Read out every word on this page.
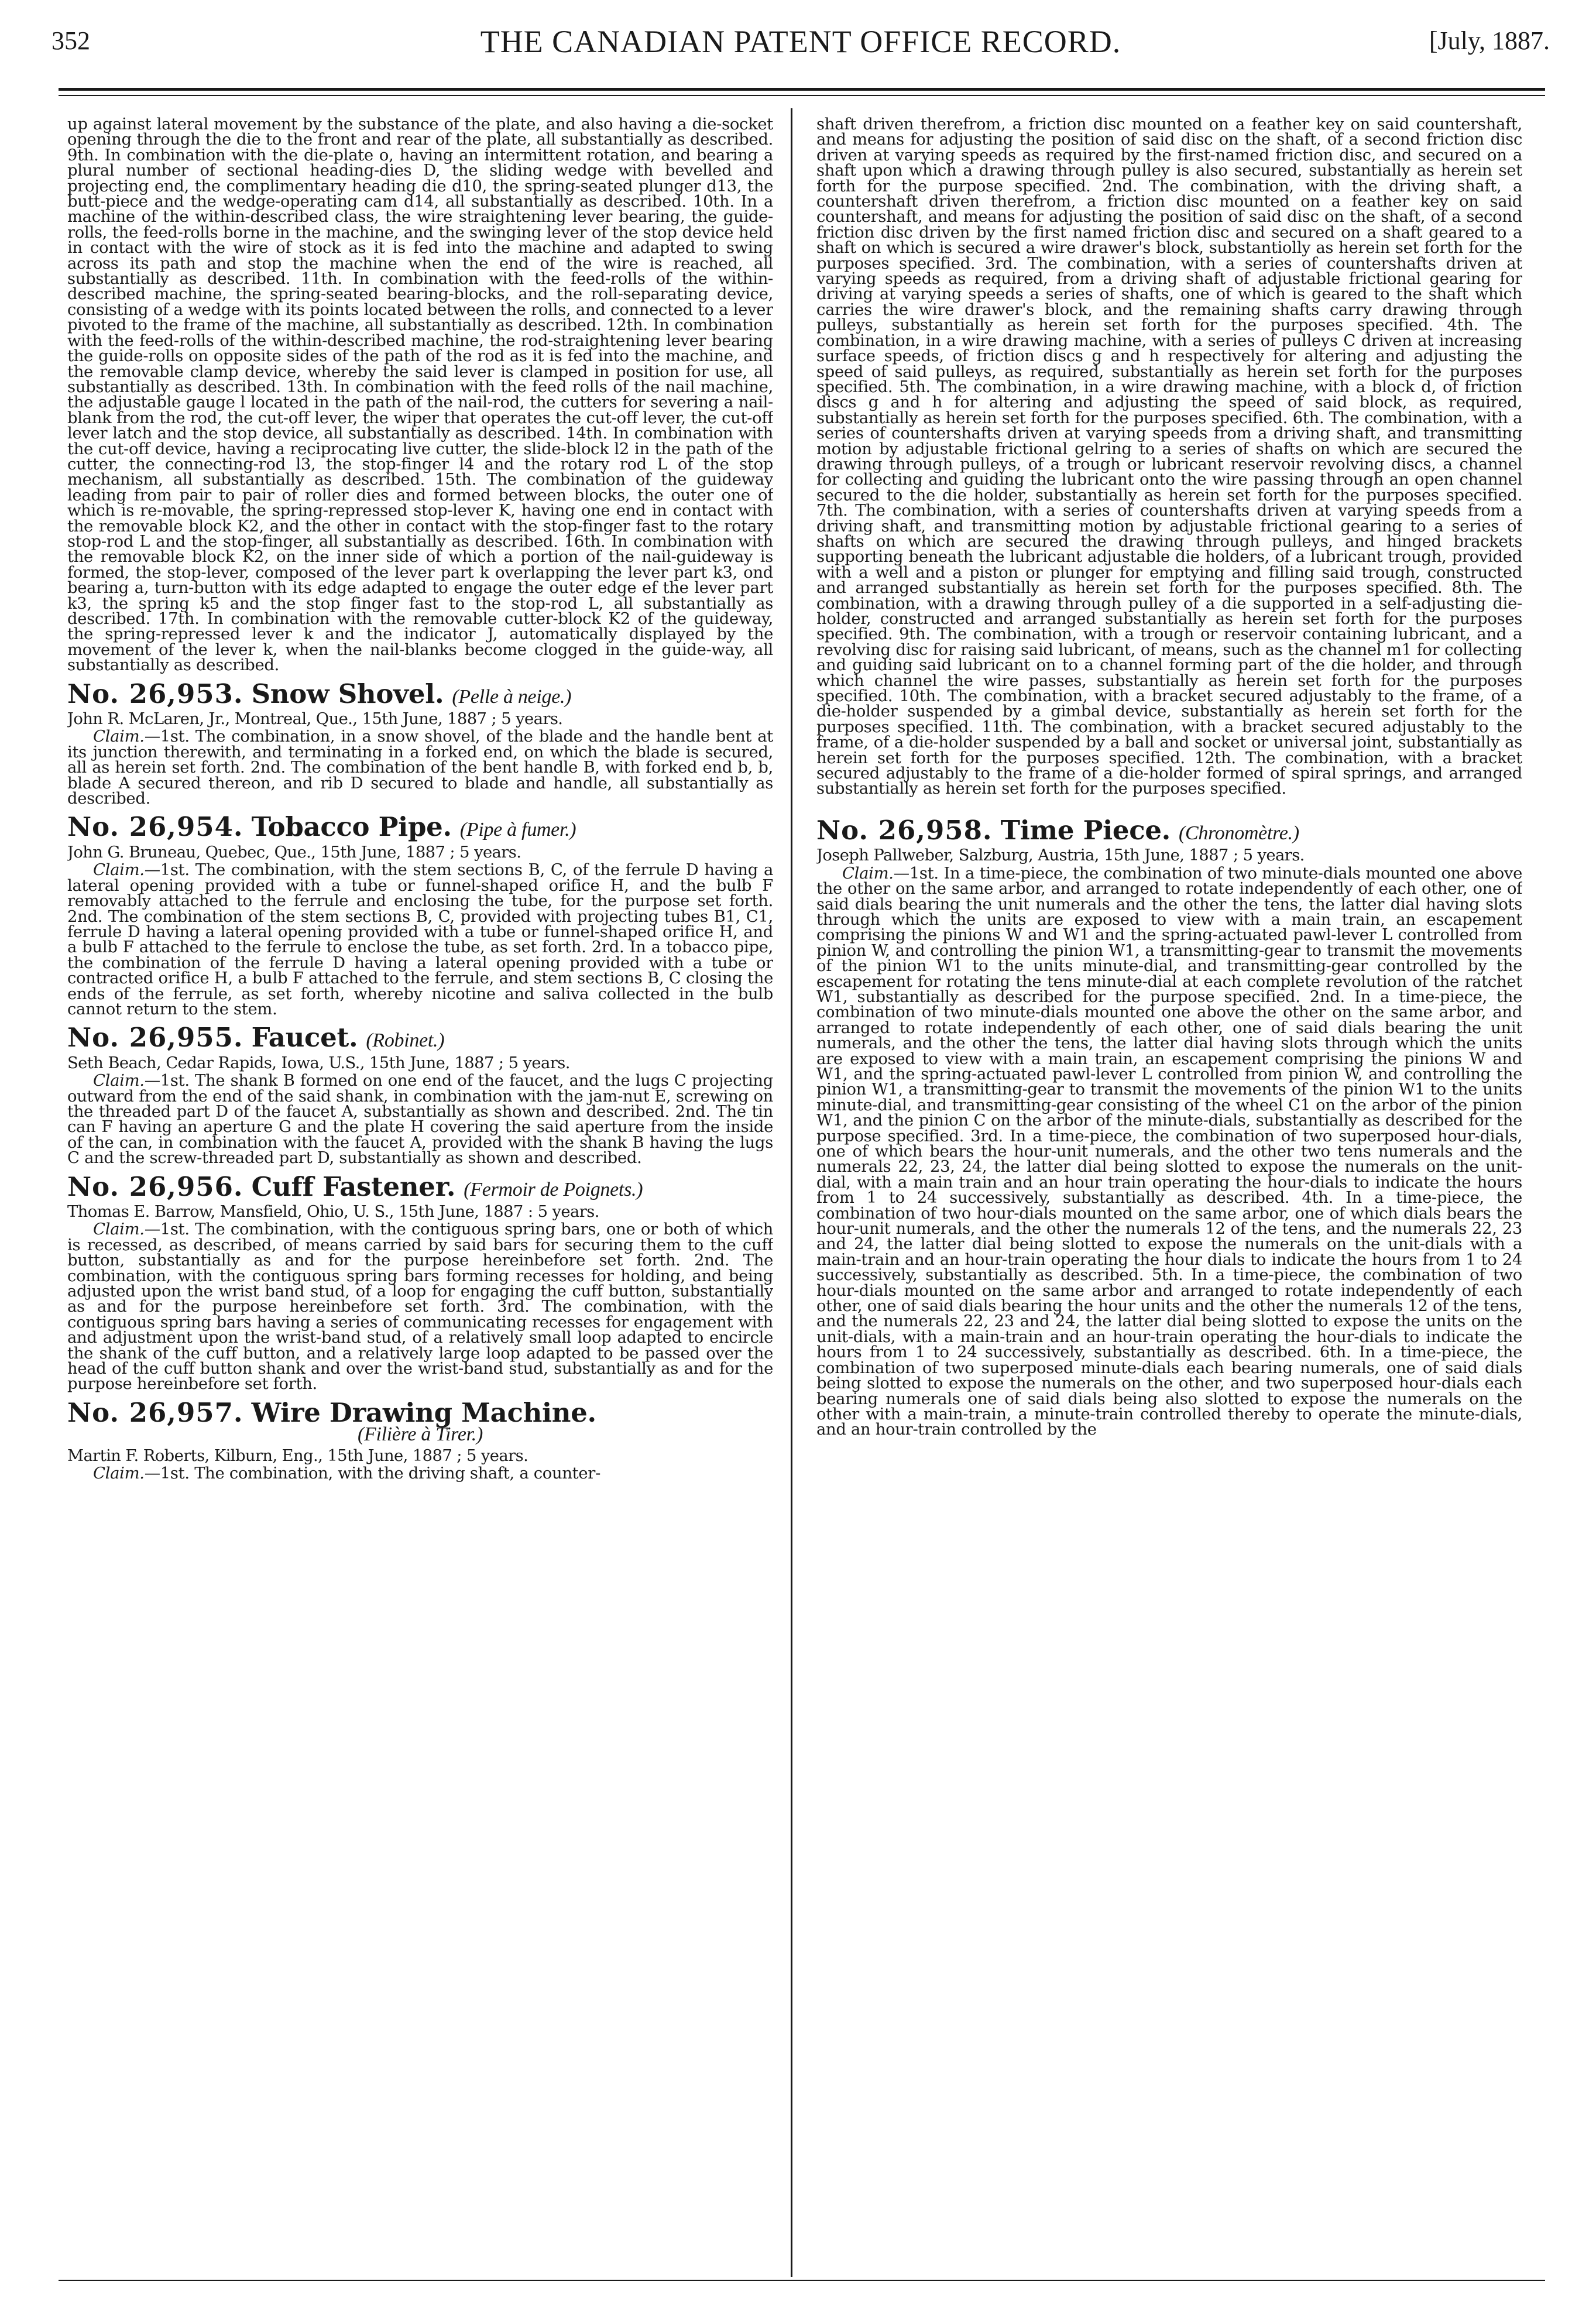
352	THE CANADIAN PATENT OFFICE RECORD.	[July, 1887.

up against lateral movement by the substance of the plate, and also having a die-socket opening through the die to the front and rear of the plate, all substantially as described. 9th. In combination with the die-plate o, having an intermittent rotation, and bearing a plural number of sectional heading-dies D, the sliding wedge with bevelled and projecting end, the complimentary heading die d10, the spring-seated plunger d13, the butt-piece and the wedge-operating cam d14, all substantially as described. 10th. In a machine of the within-described class, the wire straightening lever bearing, the guide-rolls, the feed-rolls borne in the machine, and the swinging lever of the stop device held in contact with the wire of stock as it is fed into the machine and adapted to swing across its path and stop the machine when the end of the wire is reached, all substantially as described. 11th. In combination with the feed-rolls of the within-described machine, the spring-seated bearing-blocks, and the roll-separating device, consisting of a wedge with its points located between the rolls, and connected to a lever pivoted to the frame of the machine, all substantially as described. 12th. In combination with the feed-rolls of the within-described machine, the rod-straightening lever bearing the guide-rolls on opposite sides of the path of the rod as it is fed into the machine, and the removable clamp device, whereby the said lever is clamped in position for use, all substantially as described. 13th. In combination with the feed rolls of the nail machine, the adjustable gauge l located in the path of the nail-rod, the cutters for severing a nail-blank from the rod, the cut-off lever, the wiper that operates the cut-off lever, the cut-off lever latch and the stop device, all substantially as described. 14th. In combination with the cut-off device, having a reciprocating live cutter, the slide-block l2 in the path of the cutter, the connecting-rod l3, the stop-finger l4 and the rotary rod L of the stop mechanism, all substantially as described. 15th. The combination of the guideway leading from pair to pair of roller dies and formed between blocks, the outer one of which is re-movable, the spring-repressed stop-lever K, having one end in contact with the removable block K2, and the other in contact with the stop-finger fast to the rotary stop-rod L and the stop-finger, all substantially as described. 16th. In combination with the removable block K2, on the inner side of which a portion of the nail-guideway is formed, the stop-lever, composed of the lever part k overlapping the lever part k3, ond bearing a, turn-button with its edge adapted to engage the outer edge ef the lever part k3, the spring k5 and the stop finger fast to the stop-rod L, all substantially as described. 17th. In combination with the removable cutter-block K2 of the guideway, the spring-repressed lever k and the indicator J, automatically displayed by the movement of the lever k, when the nail-blanks become clogged in the guide-way, all substantially as described.

No. 26,953. Snow Shovel. (Pelle à neige.)
John R. McLaren, Jr., Montreal, Que., 15th June, 1887 ; 5 years.

Claim.—1st. The combination, in a snow shovel, of the blade and the handle bent at its junction therewith, and terminating in a forked end, on which the blade is secured, all as herein set forth. 2nd. The combination of the bent handle B, with forked end b, b, blade A secured thereon, and rib D secured to blade and handle, all substantially as described.

No. 26,954. Tobacco Pipe. (Pipe à fumer.)
John G. Bruneau, Quebec, Que., 15th June, 1887 ; 5 years.

Claim.—1st. The combination, with the stem sections B, C, of the ferrule D having a lateral opening provided with a tube or funnel-shaped orifice H, and the bulb F removably attached to the ferrule and enclosing the tube, for the purpose set forth. 2nd. The combination of the stem sections B, C, provided with projecting tubes B1, C1, ferrule D having a lateral opening provided with a tube or funnel-shaped orifice H, and a bulb F attached to the ferrule to enclose the tube, as set forth. 2rd. In a tobacco pipe, the combination of the ferrule D having a lateral opening provided with a tube or contracted orifice H, a bulb F attached to the ferrule, and stem sections B, C closing the ends of the ferrule, as set forth, whereby nicotine and saliva collected in the bulb cannot return to the stem.

No. 26,955. Faucet. (Robinet.)
Seth Beach, Cedar Rapids, Iowa, U.S., 15th June, 1887 ; 5 years.

Claim.—1st. The shank B formed on one end of the faucet, and the lugs C projecting outward from the end of the said shank, in combination with the jam-nut E, screwing on the threaded part D of the faucet A, substantially as shown and described. 2nd. The tin can F having an aperture G and the plate H covering the said aperture from the inside of the can, in combination with the faucet A, provided with the shank B having the lugs C and the screw-threaded part D, substantially as shown and described.

No. 26,956. Cuff Fastener. (Fermoir de Poignets.)
Thomas E. Barrow, Mansfield, Ohio, U. S., 15th June, 1887 : 5 years.

Claim.—1st. The combination, with the contiguous spring bars, one or both of which is recessed, as described, of means carried by said bars for securing them to the cuff button, substantially as and for the purpose hereinbefore set forth. 2nd. The combination, with the contiguous spring bars forming recesses for holding, and being adjusted upon the wrist band stud, of a loop for engaging the cuff button, substantially as and for the purpose hereinbefore set forth. 3rd. The combination, with the contiguous spring bars having a series of communicating recesses for engagement with and adjustment upon the wrist-band stud, of a relatively small loop adapted to encircle the shank of the cuff button, and a relatively large loop adapted to be passed over the head of the cuff button shank and over the wrist-band stud, substantially as and for the purpose hereinbefore set forth.

No. 26,957. Wire Drawing Machine.
(Filière à Tirer.)
Martin F. Roberts, Kilburn, Eng., 15th June, 1887 ; 5 years.

Claim.—1st. The combination, with the driving shaft, a counter-

shaft driven therefrom, a friction disc mounted on a feather key on said countershaft, and means for adjusting the position of said disc on the shaft, of a second friction disc driven at varying speeds as required by the first-named friction disc, and secured on a shaft upon which a drawing through pulley is also secured, substantially as herein set forth for the purpose specified. 2nd. The combination, with the driving shaft, a countershaft driven therefrom, a friction disc mounted on a feather key on said countershaft, and means for adjusting the position of said disc on the shaft, of a second friction disc driven by the first named friction disc and secured on a shaft geared to a shaft on which is secured a wire drawer's block, substantiolly as herein set forth for the purposes specified. 3rd. The combination, with a series of countershafts driven at varying speeds as required, from a driving shaft of adjustable frictional gearing for driving at varying speeds a series of shafts, one of which is geared to the shaft which carries the wire drawer's block, and the remaining shafts carry drawing through pulleys, substantially as herein set forth for the purposes specified. 4th. The combination, in a wire drawing machine, with a series of pulleys C driven at increasing surface speeds, of friction discs g and h respectively for altering and adjusting the speed of said pulleys, as required, substantially as herein set forth for the purposes specified. 5th. The combination, in a wire drawing machine, with a block d, of friction discs g and h for altering and adjusting the speed of said block, as required, substantially as herein set forth for the purposes specified. 6th. The combination, with a series of countershafts driven at varying speeds from a driving shaft, and transmitting motion by adjustable frictional gelring to a series of shafts on which are secured the drawing through pulleys, of a trough or lubricant reservoir revolving discs, a channel for collecting and guiding the lubricant onto the wire passing through an open channel secured to the die holder, substantially as herein set forth for the purposes specified. 7th. The combination, with a series of countershafts driven at varying speeds from a driving shaft, and transmitting motion by adjustable frictional gearing to a series of shafts on which are secured the drawing through pulleys, and hinged brackets supporting beneath the lubricant adjustable die holders, of a lubricant trough, provided with a well and a piston or plunger for emptying and filling said trough, constructed and arranged substantially as herein set forth for the purposes specified. 8th. The combination, with a drawing through pulley of a die supported in a self-adjusting die-holder, constructed and arranged substantially as herein set forth for the purposes specified. 9th. The combination, with a trough or reservoir containing lubricant, and a revolving disc for raising said lubricant, of means, such as the channel m1 for collecting and guiding said lubricant on to a channel forming part of the die holder, and through which channel the wire passes, substantially as herein set forth for the purposes specified. 10th. The combination, with a bracket secured adjustably to the frame, of a die-holder suspended by a gimbal device, substantially as herein set forth for the purposes specified. 11th. The combination, with a bracket secured adjustably to the frame, of a die-holder suspended by a ball and socket or universal joint, substantially as herein set forth for the purposes specified. 12th. The combination, with a bracket secured adjustably to the frame of a die-holder formed of spiral springs, and arranged substantially as herein set forth for the purposes specified.

No. 26,958. Time Piece. (Chronomètre.)
Joseph Pallweber, Salzburg, Austria, 15th June, 1887 ; 5 years.

Claim.—1st. In a time-piece, the combination of two minute-dials mounted one above the other on the same arbor, and arranged to rotate independently of each other, one of said dials bearing the unit numerals and the other the tens, the latter dial having slots through which the units are exposed to view with a main train, an escapement comprising the pinions W and W1 and the spring-actuated pawl-lever L controlled from pinion W, and controlling the pinion W1, a transmitting-gear to transmit the movements of the pinion W1 to the units minute-dial, and transmitting-gear controlled by the escapement for rotating the tens minute-dial at each complete revolution of the ratchet W1, substantially as described for the purpose specified. 2nd. In a time-piece, the combination of two minute-dials mounted one above the other on the same arbor, and arranged to rotate independently of each other, one of said dials bearing the unit numerals, and the other the tens, the latter dial having slots through which the units are exposed to view with a main train, an escapement comprising the pinions W and W1, and the spring-actuated pawl-lever L controlled from pinion W, and controlling the pinion W1, a transmitting-gear to transmit the movements of the pinion W1 to the units minute-dial, and transmitting-gear consisting of the wheel C1 on the arbor of the pinion W1, and the pinion C on the arbor of the minute-dials, substantially as described for the purpose specified. 3rd. In a time-piece, the combination of two superposed hour-dials, one of which bears the hour-unit numerals, and the other two tens numerals and the numerals 22, 23, 24, the latter dial being slotted to expose the numerals on the unit-dial, with a main train and an hour train operating the hour-dials to indicate the hours from 1 to 24 successively, substantially as described. 4th. In a time-piece, the combination of two hour-dials mounted on the same arbor, one of which dials bears the hour-unit numerals, and the other the numerals 12 of the tens, and the numerals 22, 23 and 24, the latter dial being slotted to expose the numerals on the unit-dials with a main-train and an hour-train operating the hour dials to indicate the hours from 1 to 24 successively, substantially as described. 5th. In a time-piece, the combination of two hour-dials mounted on the same arbor and arranged to rotate independently of each other, one of said dials bearing the hour units and the other the numerals 12 of the tens, and the numerals 22, 23 and 24, the latter dial being slotted to expose the units on the unit-dials, with a main-train and an hour-train operating the hour-dials to indicate the hours from 1 to 24 successively, substantially as described. 6th. In a time-piece, the combination of two superposed minute-dials each bearing numerals, one of said dials being slotted to expose the numerals on the other, and two superposed hour-dials each bearing numerals one of said dials being also slotted to expose the numerals on the other with a main-train, a minute-train controlled thereby to operate the minute-dials, and an hour-train controlled by the
